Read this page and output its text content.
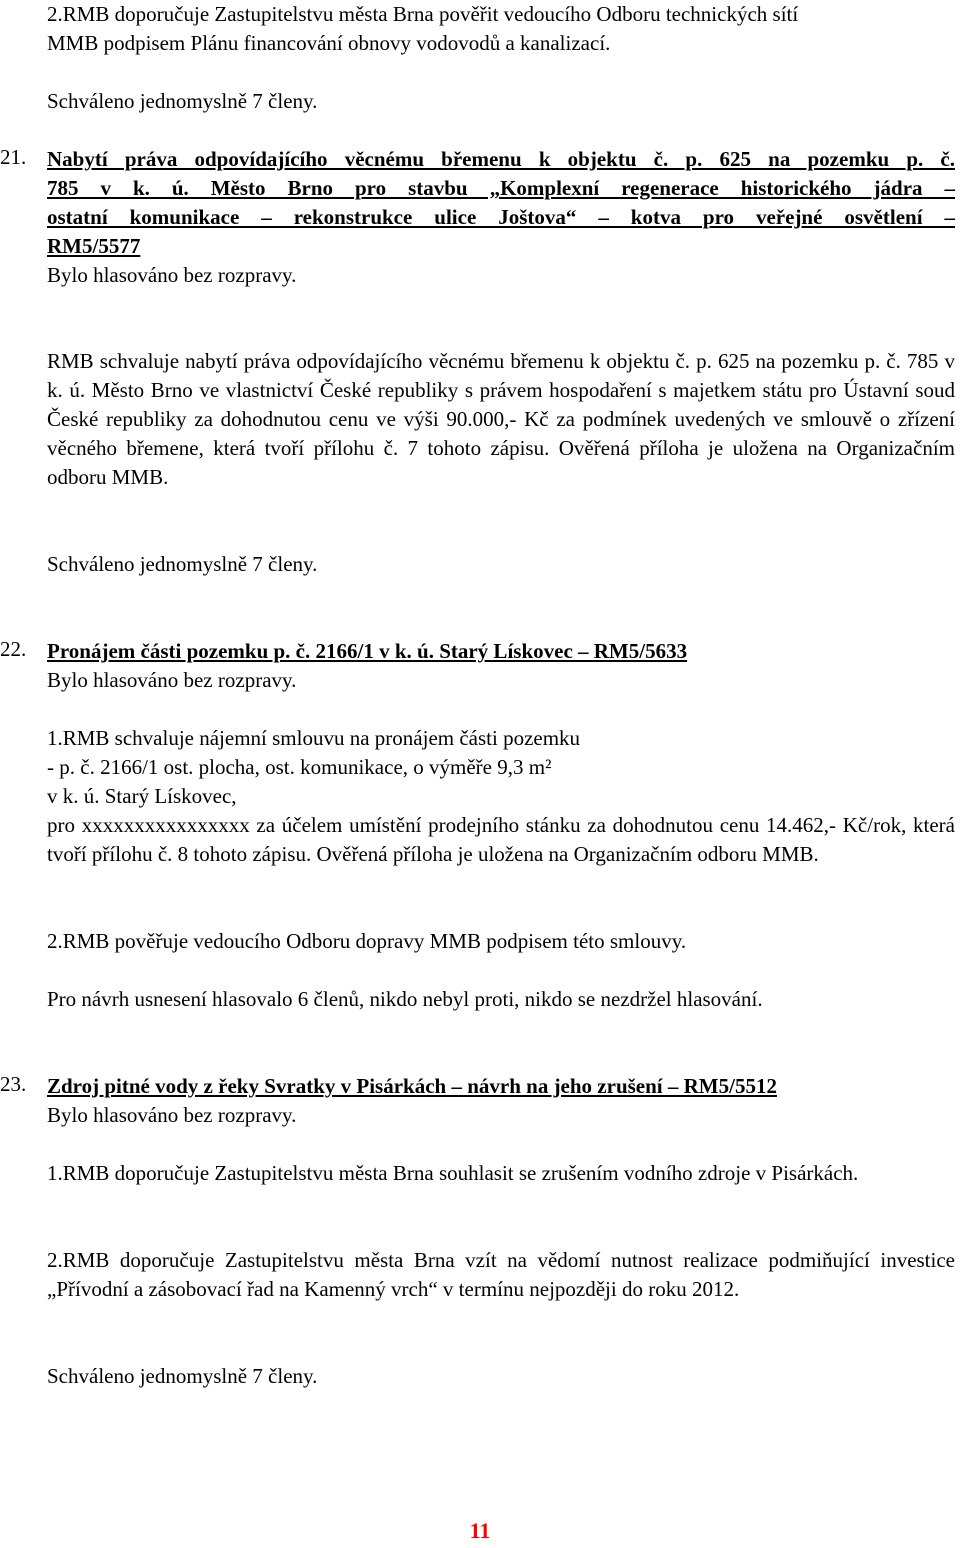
2.RMB doporučuje Zastupitelstvu města Brna pověřit vedoucího Odboru technických sítí

MMB podpisem Plánu financování obnovy vodovodů a kanalizací.

Schváleno jednomyslně 7 členy.

21. Nabytí práva odpovídajícího věcnému břemenu k objektu č. p. 625 na pozemku p. č.

785 v k. ú. Město Brno pro stavbu „Komplexní regenerace historického jádra –

ostatní komunikace – rekonstrukce ulice Joštova“ – kotva pro veřejné osvětlení –

RM5/5577

Bylo hlasováno bez rozpravy.

RMB schvaluje nabytí práva odpovídajícího věcnému břemenu k objektu č. p. 625 na pozemku p. č. 785 v k. ú. Město Brno ve vlastnictví České republiky s právem hospodaření s majetkem státu pro Ústavní soud České republiky za dohodnutou cenu ve výši 90.000,- Kč za podmínek uvedených ve smlouvě o zřízení věcného břemene, která tvoří přílohu č. 7 tohoto zápisu. Ověřená příloha je uložena na Organizačním odboru MMB.

Schváleno jednomyslně 7 členy.

22. Pronájem části pozemku p. č. 2166/1 v k. ú. Starý Lískovec – RM5/5633

Bylo hlasováno bez rozpravy.

1.RMB schvaluje nájemní smlouvu na pronájem části pozemku

- p. č. 2166/1 ost. plocha, ost. komunikace, o výměře 9,3 m²

v k. ú. Starý Lískovec,

pro xxxxxxxxxxxxxxxx za účelem umístění prodejního stánku za dohodnutou cenu 14.462,- Kč/rok, která tvoří přílohu č. 8 tohoto zápisu. Ověřená příloha je uložena na Organizačním odboru MMB.

2.RMB pověřuje vedoucího Odboru dopravy MMB podpisem této smlouvy.

Pro návrh usnesení hlasovalo 6 členů, nikdo nebyl proti, nikdo se nezdržel hlasování.

23. Zdroj pitné vody z řeky Svratky v Pisárkách – návrh na jeho zrušení – RM5/5512

Bylo hlasováno bez rozpravy.

1.RMB doporučuje Zastupitelstvu města Brna souhlasit se zrušením vodního zdroje v Pisárkách.

2.RMB doporučuje Zastupitelstvu města Brna vzít na vědomí nutnost realizace podmiňující investice „Přívodní a zásobovací řad na Kamenný vrch“ v termínu nejpozději do roku 2012.

Schváleno jednomyslně 7 členy.

11
